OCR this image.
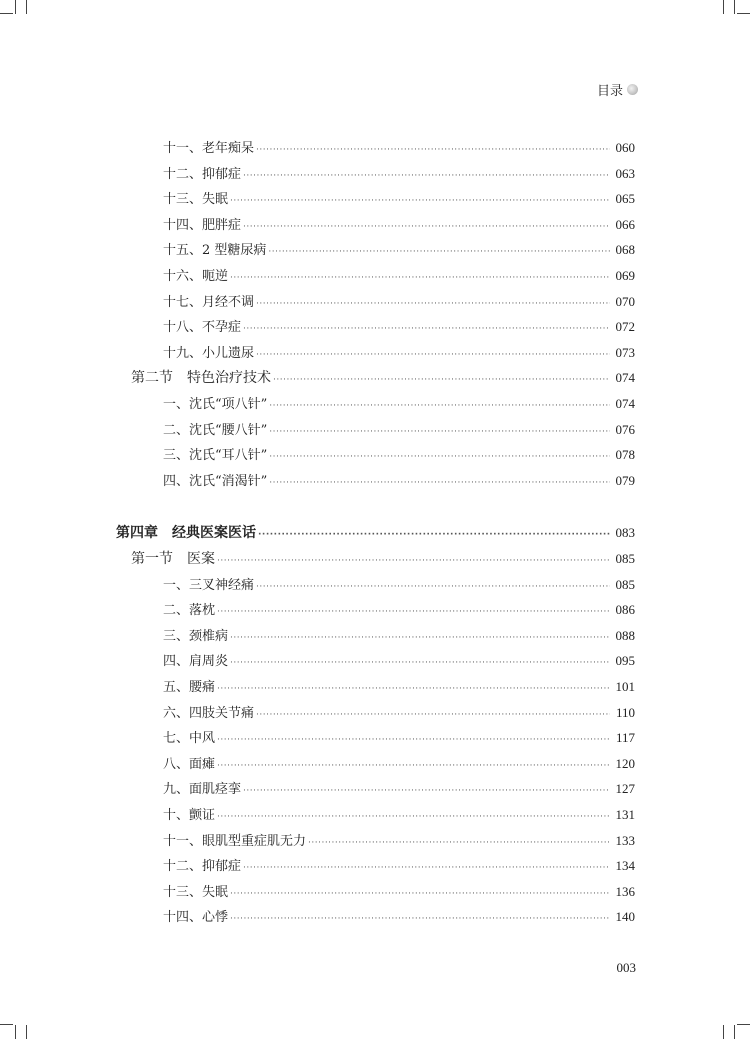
目录
十一、老年痴呆 ·····	060
十二、抑郁症 ·····	063
十三、失眠 ·····	065
十四、肥胖症 ·····	066
十五、2 型糖尿病 ·····	068
十六、呃逆 ·····	069
十七、月经不调 ·····	070
十八、不孕症 ·····	072
十九、小儿遗尿 ·····	073
第二节　特色治疗技术 ·····	074
一、沈氏“项八针” ·····	074
二、沈氏“腰八针” ·····	076
三、沈氏“耳八针” ·····	078
四、沈氏“消渴针” ·····	079
第四章　经典医案医话 ·····	083
第一节　医案 ·····	085
一、三叉神经痛 ·····	085
二、落枕 ·····	086
三、颈椎病 ·····	088
四、肩周炎 ·····	095
五、腰痛 ·····	101
六、四肢关节痛 ·····	110
七、中风 ·····	117
八、面瘫 ·····	120
九、面肌痉挛 ·····	127
十、颤证 ·····	131
十一、眼肌型重症肌无力 ·····	133
十二、抑郁症 ·····	134
十三、失眠 ·····	136
十四、心悸 ·····	140
003
